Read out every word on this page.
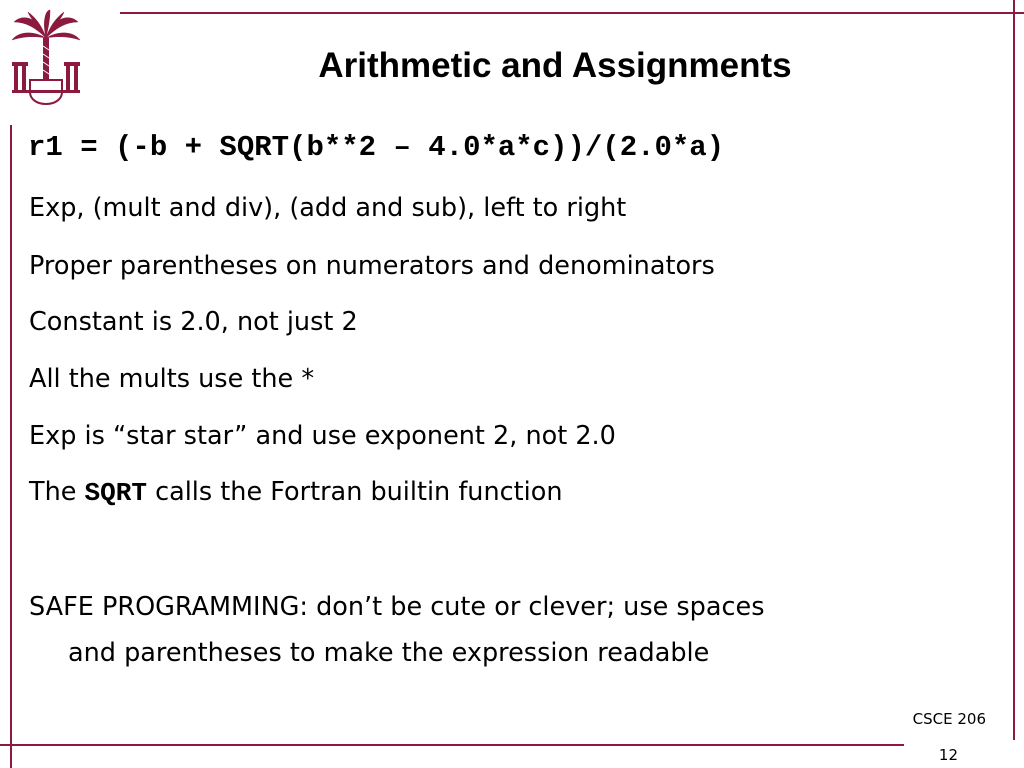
Arithmetic and Assignments
r1 = (-b + SQRT(b**2 – 4.0*a*c))/(2.0*a)
Exp, (mult and div), (add and sub), left to right
Proper parentheses on numerators and denominators
Constant is 2.0, not just 2
All the mults use the *
Exp is “star star” and use exponent 2, not 2.0
The SQRT calls the Fortran builtin function
SAFE PROGRAMMING: don’t be cute or clever; use spaces
and parentheses to make the expression readable
CSCE 206
12
